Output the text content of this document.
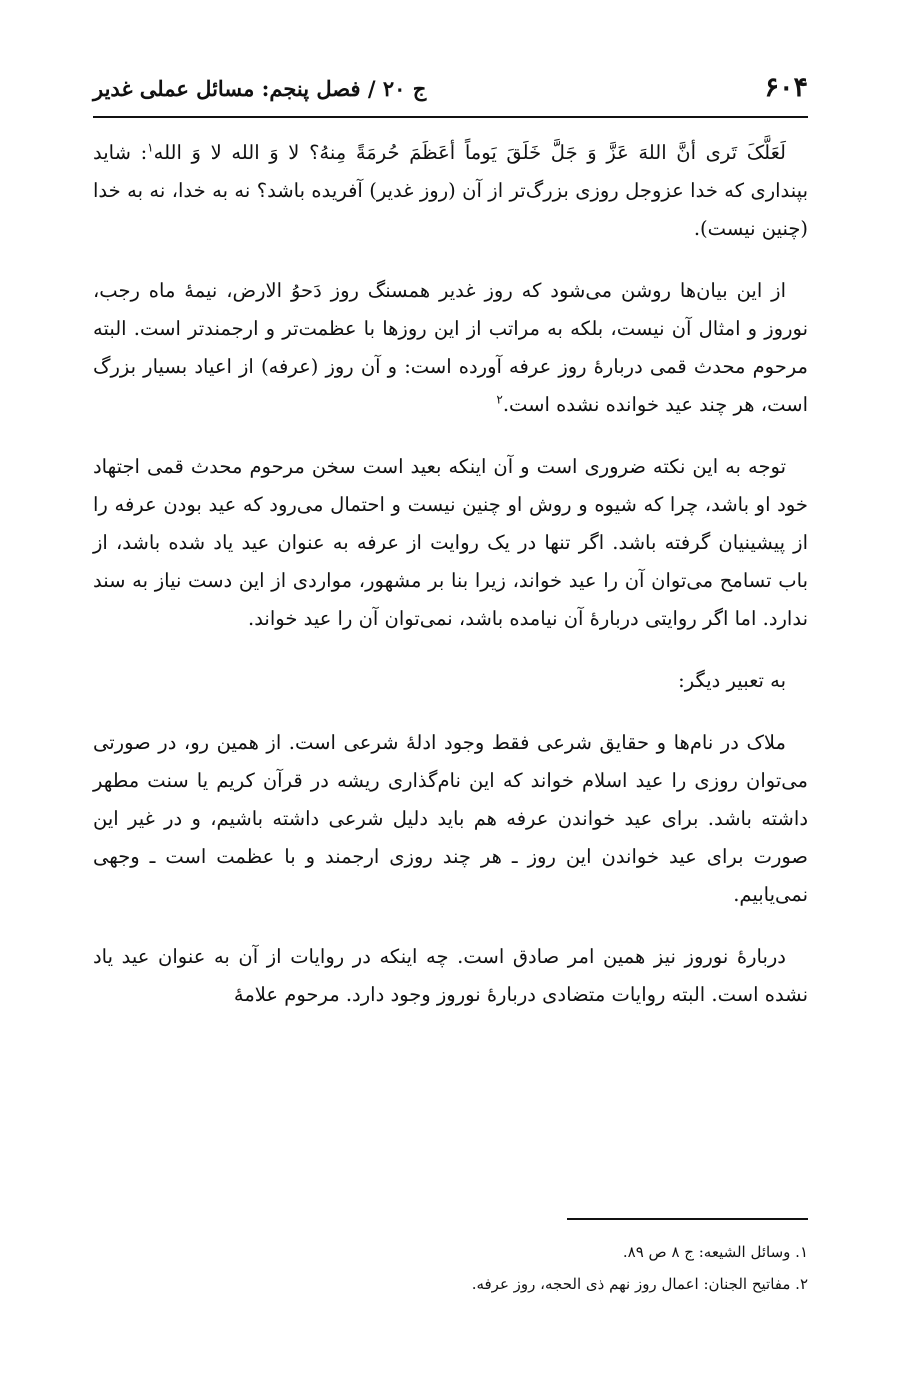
۶۰۴
ج ۲۰ / فصل پنجم: مسائل عملی غدیر

لَعَلَّکَ تَری أنَّ اللهَ عَزَّ وَ جَلَّ خَلَقَ یَوماً أعَظَمَ حُرمَةً مِنهُ؟ لا وَ الله لا وَ الله$^۱$: شاید بپنداری که خدا عزوجل روزی بزرگ‌تر از آن (روز غدیر) آفریده باشد؟ نه به خدا، نه به خدا (چنین نیست).

از این بیان‌ها روشن می‌شود که روز غدیر همسنگ روز دَحوُ الارض، نیمهٔ ماه رجب، نوروز و امثال آن نیست، بلکه به مراتب از این روزها با عظمت‌تر و ارجمندتر است. البته مرحوم محدث قمی دربارهٔ روز عرفه آورده است: و آن روز (عرفه) از اعیاد بسیار بزرگ است، هر چند عید خوانده نشده است.$^۲$

توجه به این نکته ضروری است و آن اینکه بعید است سخن مرحوم محدث قمی اجتهاد خود او باشد، چرا که شیوه و روش او چنین نیست و احتمال می‌رود که عید بودن عرفه را از پیشینیان گرفته باشد. اگر تنها در یک روایت از عرفه به عنوان عید یاد شده باشد، از باب تسامح می‌توان آن را عید خواند، زیرا بنا بر مشهور، مواردی از این دست نیاز به سند ندارد. اما اگر روایتی دربارهٔ آن نیامده باشد، نمی‌توان آن را عید خواند.

به تعبیر دیگر:

ملاک در نام‌ها و حقایق شرعی فقط وجود ادلهٔ شرعی است. از همین رو، در صورتی می‌توان روزی را عید اسلام خواند که این نام‌گذاری ریشه در قرآن کریم یا سنت مطهر داشته باشد. برای عید خواندن عرفه هم باید دلیل شرعی داشته باشیم، و در غیر این صورت برای عید خواندن این روز ـ هر چند روزی ارجمند و با عظمت است ـ وجهی نمی‌یابیم.

دربارهٔ نوروز نیز همین امر صادق است. چه اینکه در روایات از آن به عنوان عید یاد نشده است. البته روایات متضادی دربارهٔ نوروز وجود دارد. مرحوم علامهٔ

۱. وسائل الشیعه: ج ۸ ص ۸۹.

۲. مفاتیح الجنان: اعمال روز نهم ذی الحجه، روز عرفه.
